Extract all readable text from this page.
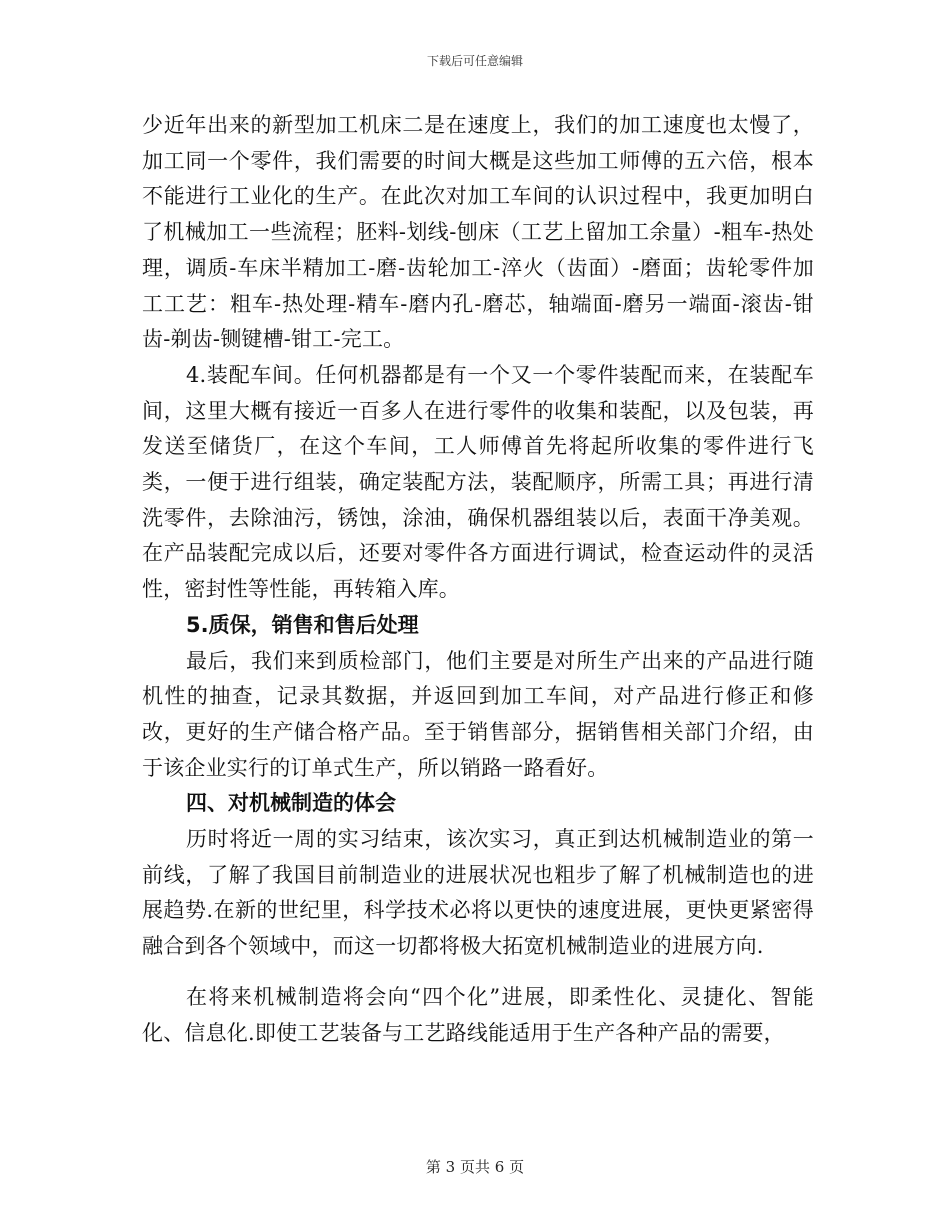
下载后可任意编辑

少近年出来的新型加工机床二是在速度上，我们的加工速度也太慢了，加工同一个零件，我们需要的时间大概是这些加工师傅的五六倍，根本不能进行工业化的生产。在此次对加工车间的认识过程中，我更加明白了机械加工一些流程；胚料-划线-刨床（工艺上留加工余量）-粗车-热处理，调质-车床半精加工-磨-齿轮加工-淬火（齿面）-磨面；齿轮零件加工工艺：粗车-热处理-精车-磨内孔-磨芯，轴端面-磨另一端面-滚齿-钳齿-剃齿-铡键槽-钳工-完工。

4.装配车间。任何机器都是有一个又一个零件装配而来，在装配车间，这里大概有接近一百多人在进行零件的收集和装配，以及包装，再发送至储货厂，在这个车间，工人师傅首先将起所收集的零件进行飞类，一便于进行组装，确定装配方法，装配顺序，所需工具；再进行清洗零件，去除油污，锈蚀，涂油，确保机器组装以后，表面干净美观。在产品装配完成以后，还要对零件各方面进行调试，检查运动件的灵活性，密封性等性能，再转箱入库。

5.质保，销售和售后处理

最后，我们来到质检部门，他们主要是对所生产出来的产品进行随机性的抽查，记录其数据，并返回到加工车间，对产品进行修正和修改，更好的生产储合格产品。至于销售部分，据销售相关部门介绍，由于该企业实行的订单式生产，所以销路一路看好。

四、对机械制造的体会

历时将近一周的实习结束，该次实习，真正到达机械制造业的第一前线，了解了我国目前制造业的进展状况也粗步了解了机械制造也的进展趋势.在新的世纪里，科学技术必将以更快的速度进展，更快更紧密得融合到各个领域中，而这一切都将极大拓宽机械制造业的进展方向.

在将来机械制造将会向“四个化”进展，即柔性化、灵捷化、智能化、信息化.即使工艺装备与工艺路线能适用于生产各种产品的需要，

第 3 页共 6 页
